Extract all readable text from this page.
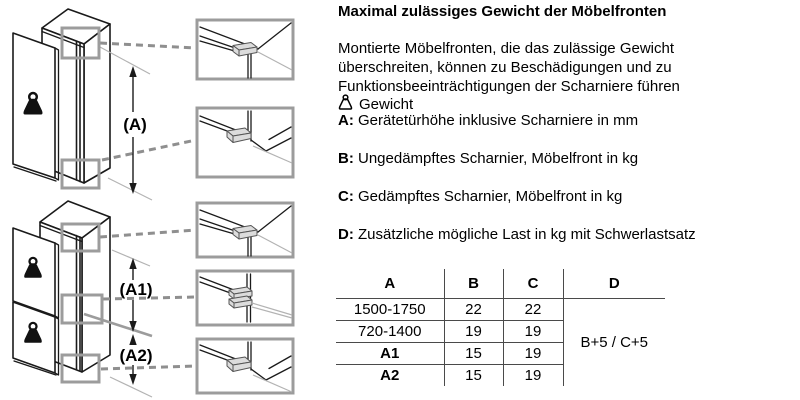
(A)
(A1)
(A2)
Maximal zulässiges Gewicht der Möbelfronten
Montierte Möbelfronten, die das zulässige Gewicht
überschreiten, können zu Beschädigungen und zu
Funktionsbeeinträchtigungen der Scharniere führen
Gewicht
A: Gerätetürhöhe inklusive Scharniere in mm
B: Ungedämpftes Scharnier, Möbelfront in kg
C: Gedämpftes Scharnier, Möbelfront in kg
D: Zusätzliche mögliche Last in kg mit Schwerlastsatz
A	B	C	D
1500-1750	22	22	B+5 / C+5
720-1400	19	19	
A1	15	19	
A2	15	19	
